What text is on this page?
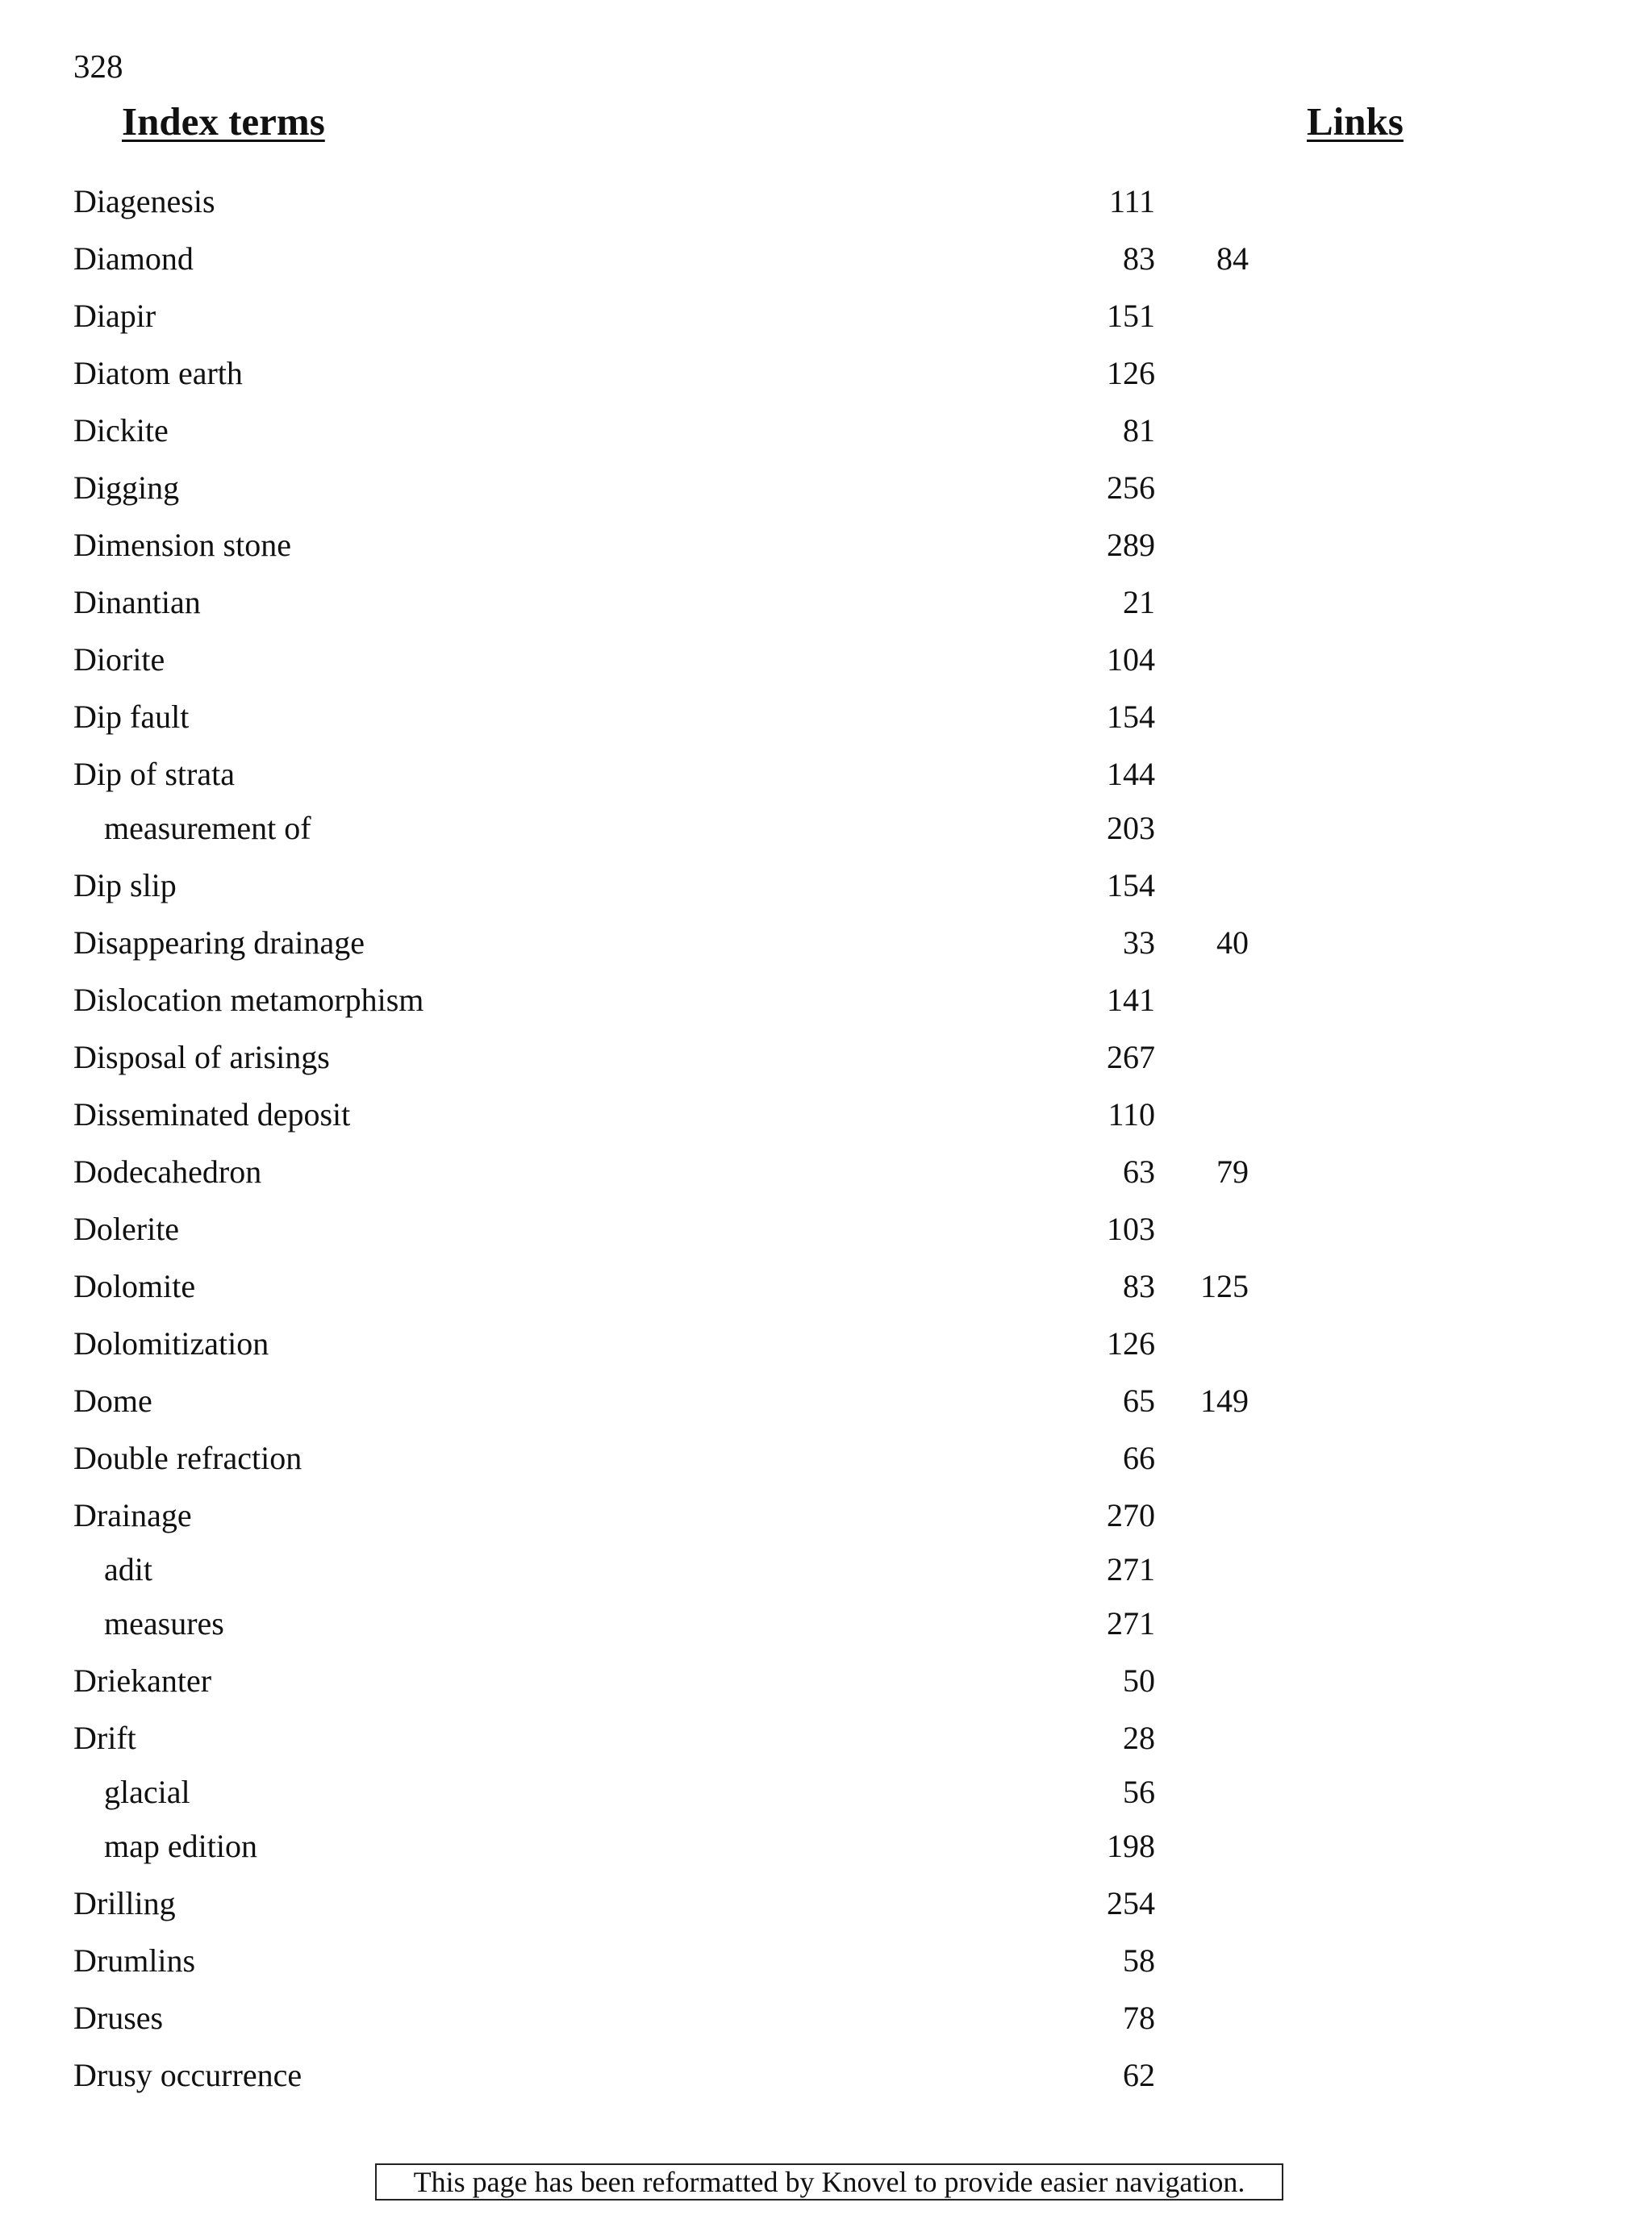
328
Index terms	Links
Diagenesis	111
Diamond	83 84
Diapir	151
Diatom earth	126
Dickite	81
Digging	256
Dimension stone	289
Dinantian	21
Diorite	104
Dip fault	154
Dip of strata	144
measurement of	203
Dip slip	154
Disappearing drainage	33 40
Dislocation metamorphism	141
Disposal of arisings	267
Disseminated deposit	110
Dodecahedron	63 79
Dolerite	103
Dolomite	83 125
Dolomitization	126
Dome	65 149
Double refraction	66
Drainage	270
adit	271
measures	271
Driekanter	50
Drift	28
glacial	56
map edition	198
Drilling	254
Drumlins	58
Druses	78
Drusy occurrence	62
This page has been reformatted by Knovel to provide easier navigation.
